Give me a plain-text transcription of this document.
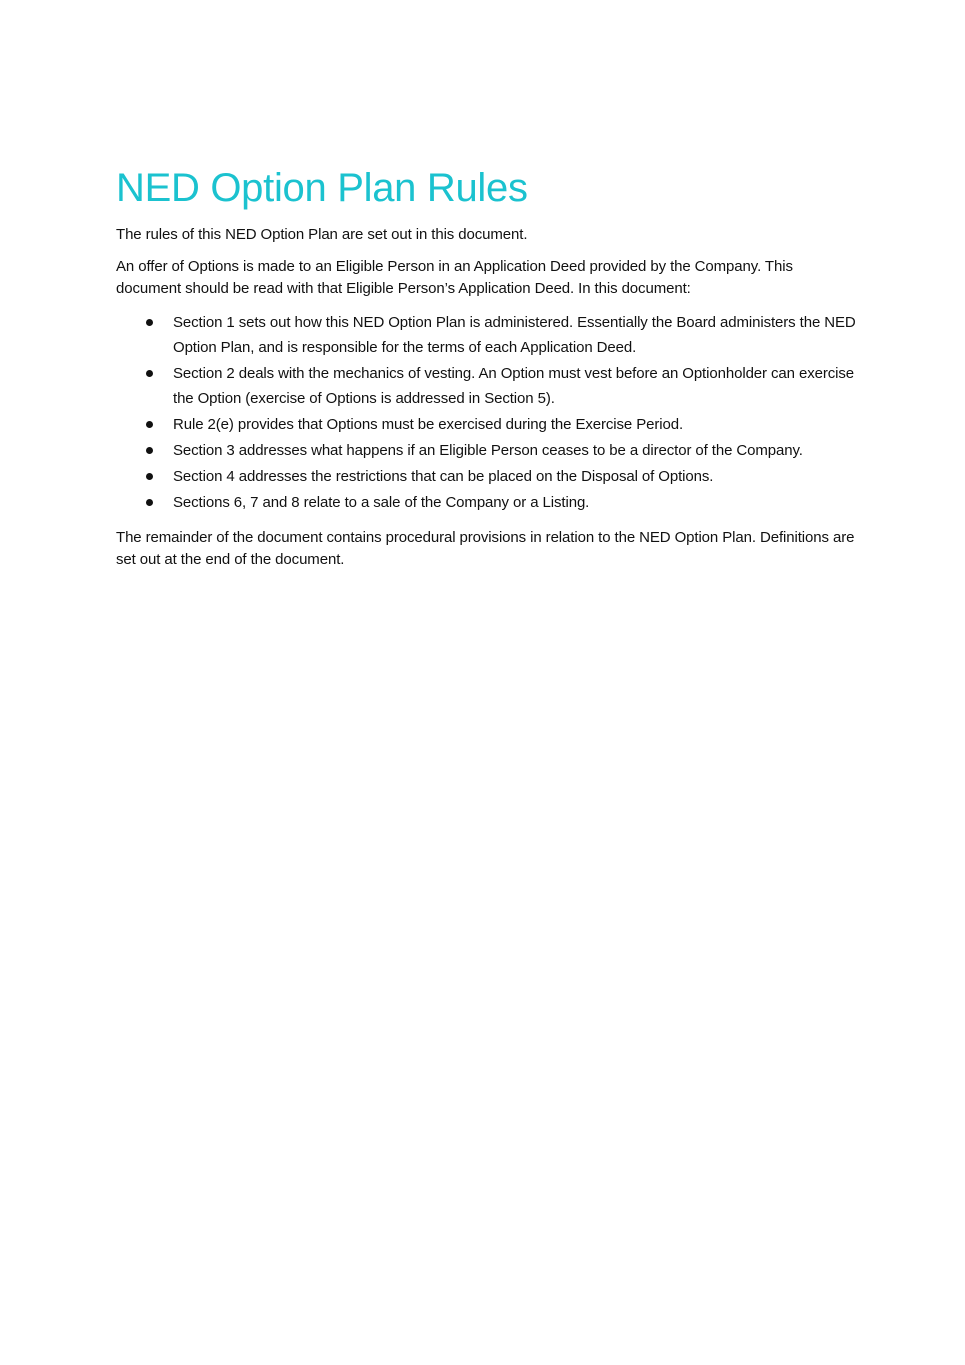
NED Option Plan Rules

The rules of this NED Option Plan are set out in this document.

An offer of Options is made to an Eligible Person in an Application Deed provided by the Company. This document should be read with that Eligible Person’s Application Deed. In this document:

Section 1 sets out how this NED Option Plan is administered. Essentially the Board administers the NED Option Plan, and is responsible for the terms of each Application Deed.
Section 2 deals with the mechanics of vesting. An Option must vest before an Optionholder can exercise the Option (exercise of Options is addressed in Section 5).
Rule 2(e) provides that Options must be exercised during the Exercise Period.
Section 3 addresses what happens if an Eligible Person ceases to be a director of the Company.
Section 4 addresses the restrictions that can be placed on the Disposal of Options.
Sections 6, 7 and 8 relate to a sale of the Company or a Listing.

The remainder of the document contains procedural provisions in relation to the NED Option Plan. Definitions are set out at the end of the document.
